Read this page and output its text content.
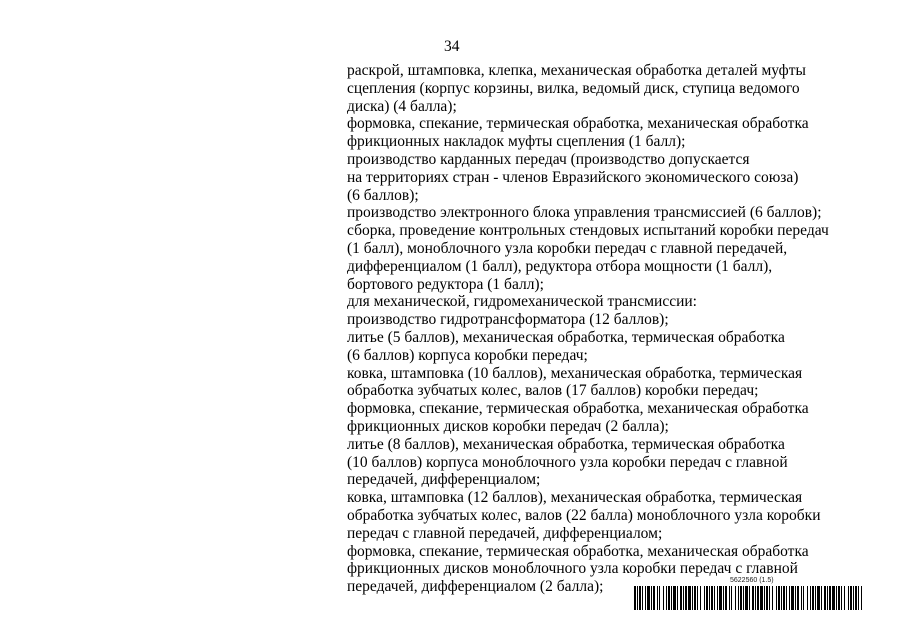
34
раскрой, штамповка, клепка, механическая обработка деталей муфты
сцепления (корпус корзины, вилка, ведомый диск, ступица ведомого
диска) (4 балла);
формовка, спекание, термическая обработка, механическая обработка
фрикционных накладок муфты сцепления (1 балл);
производство карданных передач (производство допускается
на территориях стран - членов Евразийского экономического союза)
(6 баллов);
производство электронного блока управления трансмиссией (6 баллов);
сборка, проведение контрольных стендовых испытаний коробки передач
(1 балл), моноблочного узла коробки передач с главной передачей,
дифференциалом (1 балл), редуктора отбора мощности (1 балл),
бортового редуктора (1 балл);
для механической, гидромеханической трансмиссии:
производство гидротрансформатора (12 баллов);
литье (5 баллов), механическая обработка, термическая обработка
(6 баллов) корпуса коробки передач;
ковка, штамповка (10 баллов), механическая обработка, термическая
обработка зубчатых колес, валов (17 баллов) коробки передач;
формовка, спекание, термическая обработка, механическая обработка
фрикционных дисков коробки передач (2 балла);
литье (8 баллов), механическая обработка, термическая обработка
(10 баллов) корпуса моноблочного узла коробки передач с главной
передачей, дифференциалом;
ковка, штамповка (12 баллов), механическая обработка, термическая
обработка зубчатых колес, валов (22 балла) моноблочного узла коробки
передач с главной передачей, дифференциалом;
формовка, спекание, термическая обработка, механическая обработка
фрикционных дисков моноблочного узла коробки передач с главной
передачей, дифференциалом (2 балла);	5622560 (1.5)
